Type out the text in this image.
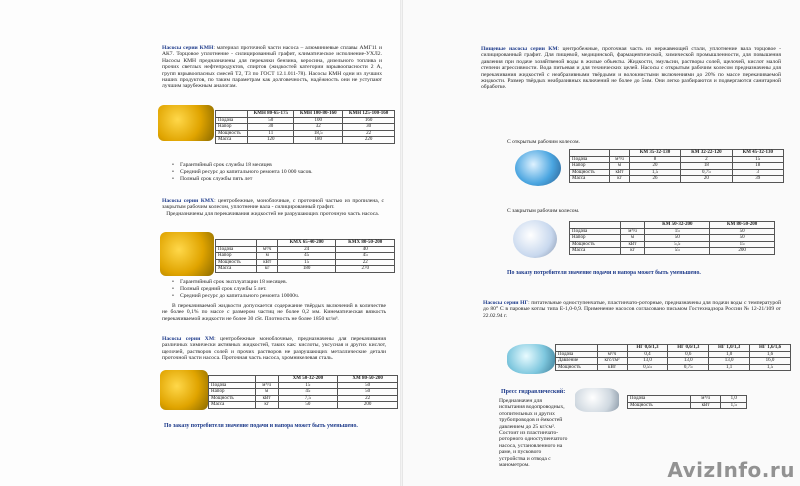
Насосы серии КМН: материал проточной части насоса – алюминиевые сплавы АМГ11 и АК7. Торцовое уплотнение - силицированный графит, климатическое исполнение-УХЛ2. Насосы КМН предназначены для перекачки бензина, керосина, дизельного топлива и прочих светлых нефтепродуктов, спиртов (жидкостей категории взрывоопасности 2 А, групп взрывоопасных смесей Т2, Т3 по ГОСТ 12.1.011-78). Насосы КМН одни из лучших наших продуктов, по таким параметрам как долговечность, надёжность они не уступают лучшим зарубежным аналогам.

	КМН 80-65-175	КМН 100-80-160	КМН 125-100-160
Подача	50	100	160
Напор	30	32	30
Мощность	11	18,5	22
Масса	120	180	220
• Гарантийный срок службы 18 месяцев
• Средний ресурс до капитального ремонта 10 000 часов.
• Полный срок службы пять лет

Насосы серии КМХ: центробежные, моноблочные, с проточной частью из пропилена, с закрытым рабочим колесом, уплотнение вала - силицированный графит.
Предназначены для перекачивания жидкостей не разрушающих проточную часть насоса.

		КМХ 65-40-200	КМХ 80-50-200
Подача	м³/ч	24	40
Напор	м	45	45
Мощность	кВт	15	22
Масса	кг	180	270
• Гарантийный срок эксплуатации 18 месяцев.
• Полный средний срок службы 5 лет.
• Средний ресурс до капитального ремонта 10000ч.

В перекачиваемой жидкости допускается содержание твёрдых включений в количестве не более 0,1% по массе с размером частиц не более 0,2 мм. Кинематическая вязкость перекачиваемой жидкости не более 30 cSt. Плотность не более 1850 кг/м³.

Насосы серии ХМ: центробежные моноблочные, предназначены для перекачивания различных химически активных жидкостей, таких как: кислоты, уксусная и других кислот, щелочей, растворов солей и прочих растворов не разрушающих металлические детали проточной части насоса. Проточная часть насоса, хромникелевая сталь.

		ХМ 50-32-200	ХМ 80-50-200
Подача	м³/ч	15	50
Напор	м	45	50
Мощность	кВт	7,5	22
Масса	кг	50	200
По заказу потребителя значение подачи и напора может быть уменьшено.

Пищевые насосы серии КМ: центробежные, проточная часть из нержавеющей стали, уплотнение вала торцовое - силицированный графит. Для пищевой, медицинской, фармацевтической, химической промышленности, для повышения давления при подаче хозяйтвеной воды в жилые объекты. Жидкости, эмульсии, растворы солей, щелочей, кислот малой степени агрессивности. Вода питьевая и для технических целей. Насосы с открытым рабочим колесом предназначены для перекачивания жидкостей с неабразивными твёрдыми и волокнистыми включениями до 20% по массе перекачиваемой жидкости. Размер твёрдых неабразивных включений не более до 5мм. Они легко разбираются и подвергаются санитарной обработке.

С открытым рабочим колесом.
		КМ 35-32-130	КМ 32-22-120	КМ 45-32-130
Подача	м³/ч	8	2	15
Напор	м	20	18	18
Мощность	кВт	1,5	0,75	3
Масса	кг	26	20	39
С закрытым рабочим колесом.
		КМ 50-32-200	КМ 80-50-200
Подача	м³/ч	15	50
Напор	м	50	50
Мощность	кВт	5,5	15
Масса	кг	55	200
По заказу потребителя значение подачи и напора может быть уменьшено.

Насосы серии НГ: питательные одноступенчатые, пластинчато-роторные, предназначены для подачи воды с температурой до 80° С в паровые котлы типа Е-1,0-0,9. Применение насосов согласовано письмом Гостехнадзора России № 12-21/109 от 22.02.94 г.

		НГ 0,6/1,3	НГ 0,6/1,3	НГ 1,0/1,3	НГ 1,6/1,6
Подача	м³/ч	0,4	0,6	1,0	1,6
Давление	кгс/см²	13,0	13,0	13,0	16,0
Мощность	кВт	0,55	0,75	1,1	1,5
Пресс гидравлический:
Подача	м³/ч	1,0
Мощность	кВт	1,5

Предназначен для испытания водопроводных, отопительных и других трубопроводов и ёмкостей давлением до 25 кг/см². Состоит из пластинчато- роторного одноступенчатого насоса, установленного на раме, и пускового устройства и отвода с манометром.	AvizInfo.ru
